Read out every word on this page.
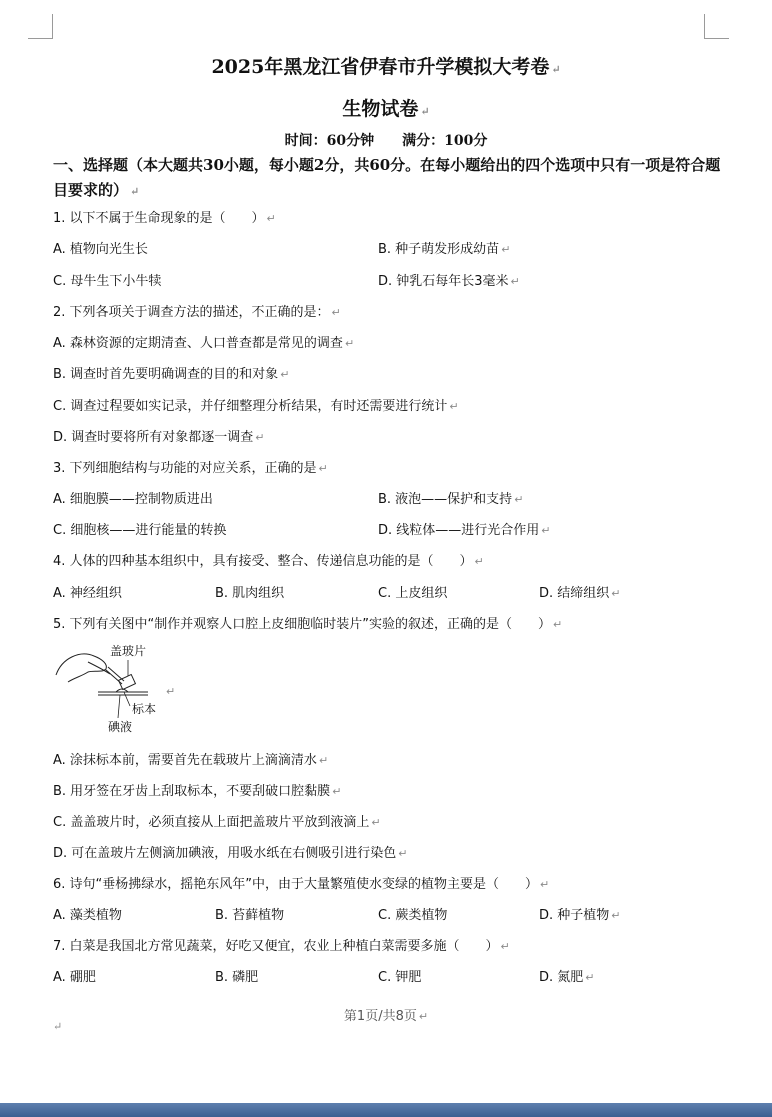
2025年黑龙江省伊春市升学模拟大考卷 ↵
生物试卷 ↵
时间：60分钟 满分：100分
一、选择题（本大题共30小题，每小题2分，共60分。在每小题给出的四个选项中只有一项是符合题目要求的） ↵
1. 以下不属于生命现象的是（　　） ↵
A. 植物向光生长	B. 种子萌发形成幼苗 ↵
C. 母牛生下小牛犊	D. 钟乳石每年长3毫米 ↵
2. 下列各项关于调查方法的描述，不正确的是： ↵
A. 森林资源的定期清查、人口普查都是常见的调查 ↵
B. 调查时首先要明确调查的目的和对象 ↵
C. 调查过程要如实记录，并仔细整理分析结果，有时还需要进行统计 ↵
D. 调查时要将所有对象都逐一调查 ↵
3. 下列细胞结构与功能的对应关系，正确的是 ↵
A. 细胞膜——控制物质进出	B. 液泡——保护和支持 ↵
C. 细胞核——进行能量的转换	D. 线粒体——进行光合作用 ↵
4. 人体的四种基本组织中，具有接受、整合、传递信息功能的是（　　） ↵
A. 神经组织	B. 肌肉组织	C. 上皮组织	D. 结缔组织 ↵
5. 下列有关图中“制作并观察人口腔上皮细胞临时装片”实验的叙述，正确的是（　　） ↵
盖玻片
标本
碘液
↵
A. 涂抹标本前，需要首先在载玻片上滴滴清水 ↵
B. 用牙签在牙齿上刮取标本，不要刮破口腔黏膜 ↵
C. 盖盖玻片时，必须直接从上面把盖玻片平放到液滴上 ↵
D. 可在盖玻片左侧滴加碘液，用吸水纸在右侧吸引进行染色 ↵
6. 诗句“垂杨拂绿水，摇艳东风年”中，由于大量繁殖使水变绿的植物主要是（　　） ↵
A. 藻类植物	B. 苔藓植物	C. 蕨类植物	D. 种子植物 ↵
7. 白菜是我国北方常见蔬菜，好吃又便宜，农业上种植白菜需要多施（　　） ↵
A. 硼肥	B. 磷肥	C. 钾肥	D. 氮肥 ↵
第1页/共8页 ↵
↵
